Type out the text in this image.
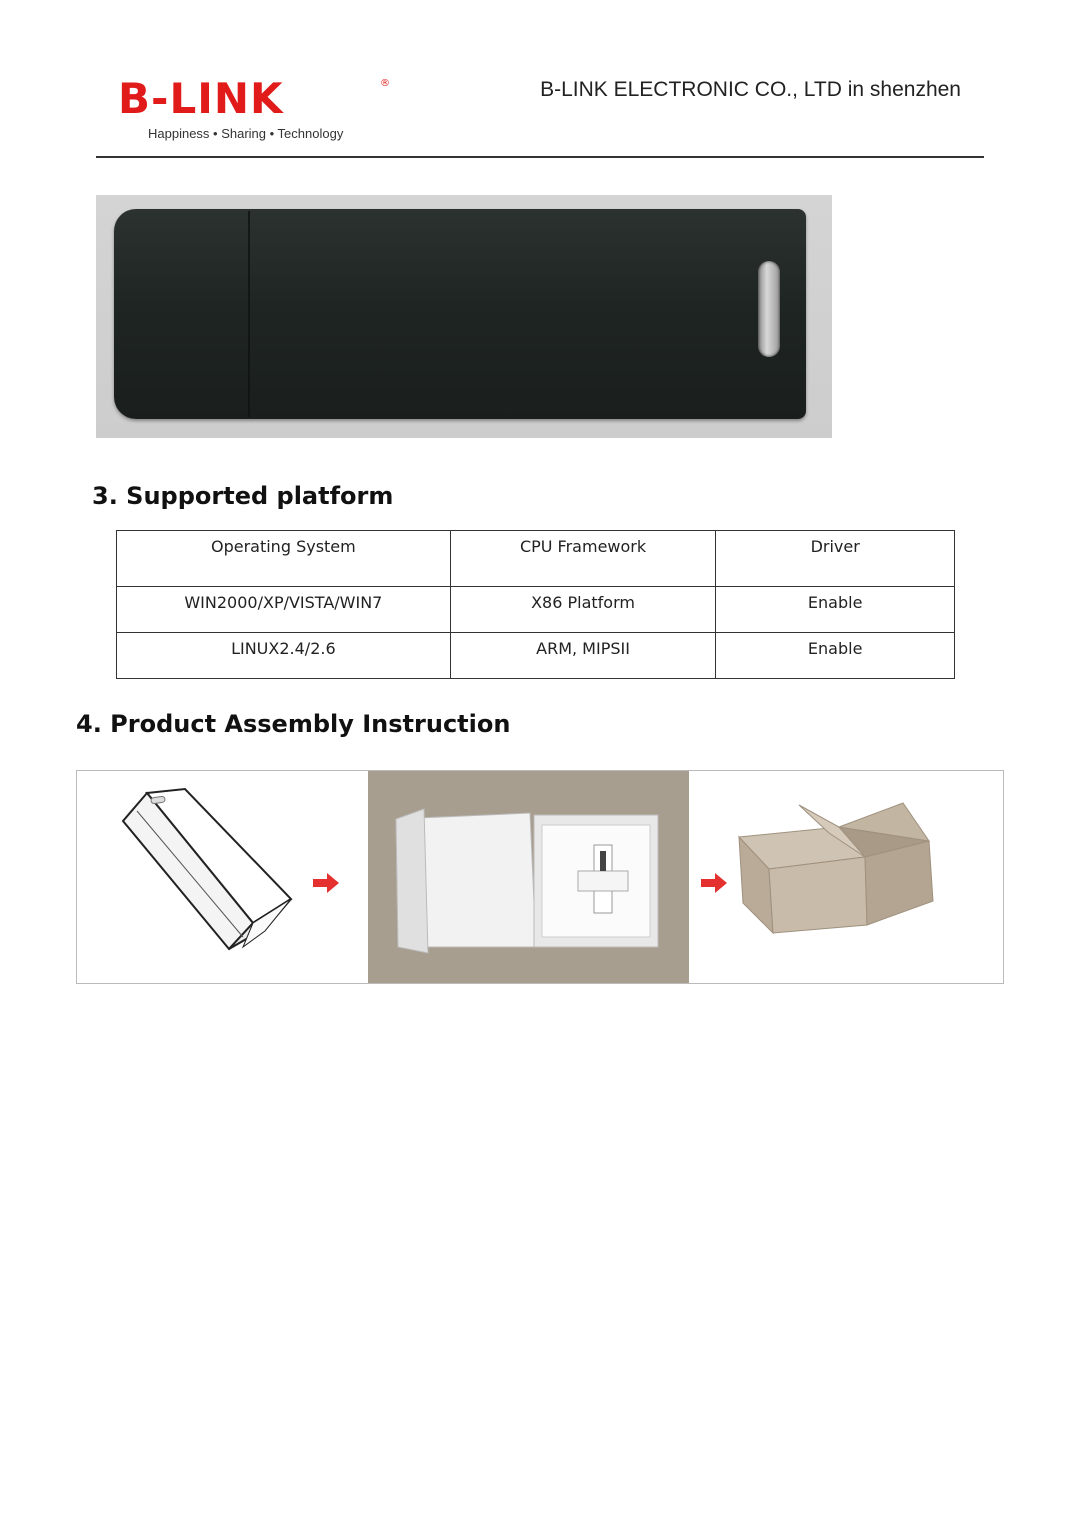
B-LINK	®
Happiness • Sharing • Technology
B-LINK ELECTRONIC CO., LTD in shenzhen
3. Supported platform
Operating System	CPU Framework	Driver
WIN2000/XP/VISTA/WIN7	X86 Platform	Enable
LINUX2.4/2.6	ARM, MIPSII	Enable
4. Product Assembly Instruction
